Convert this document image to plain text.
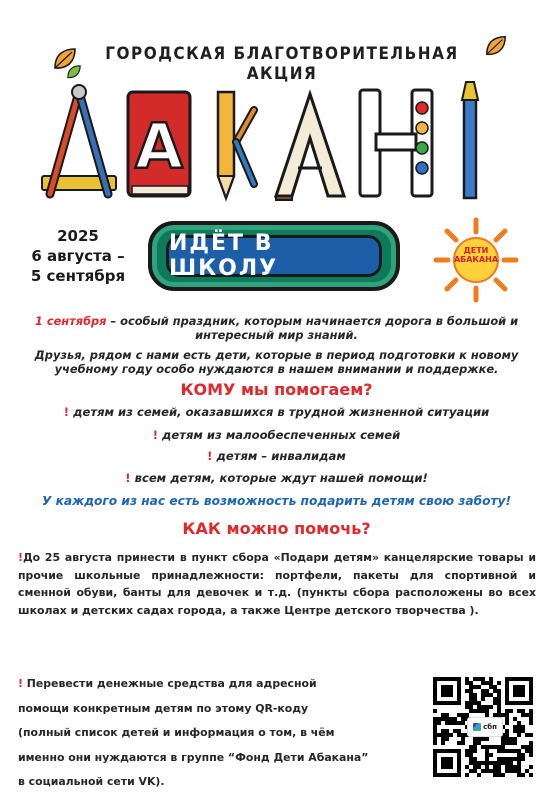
ГОРОДСКАЯ БЛАГОТВОРИТЕЛЬНАЯ АКЦИЯ
А
2025
6 августа –
5 сентября
ИДЁТ В ШКОЛУ
ДЕТИ
АБАКАНА
1 сентября – особый праздник, которым начинается дорога в большой и
интересный мир знаний.
Друзья, рядом с нами есть дети, которые в период подготовки к новому
учебному году особо нуждаются в нашем внимании и поддержке.
КОМУ мы помогаем?
! детям из семей, оказавшихся в трудной жизненной ситуации
! детям из малообеспеченных семей
! детям – инвалидам
! всем детям, которые ждут нашей помощи!
У каждого из нас есть возможность подарить детям свою заботу!
КАК можно помочь?
!До 25 августа принести в пункт сбора «Подари детям» канцелярские товары и прочие школьные принадлежности: портфели, пакеты для спортивной и сменной обуви, банты для девочек и т.д. (пункты сбора расположены во всех школах и детских садах города, а также Центре детского творчества ).

! Перевести денежные средства для адресной

помощи конкретным детям по этому QR-коду

(полный список детей и информация о том, в чём

именно они нуждаются в группе “Фонд Дети Абакана”

в социальной сети VK).

сбп
